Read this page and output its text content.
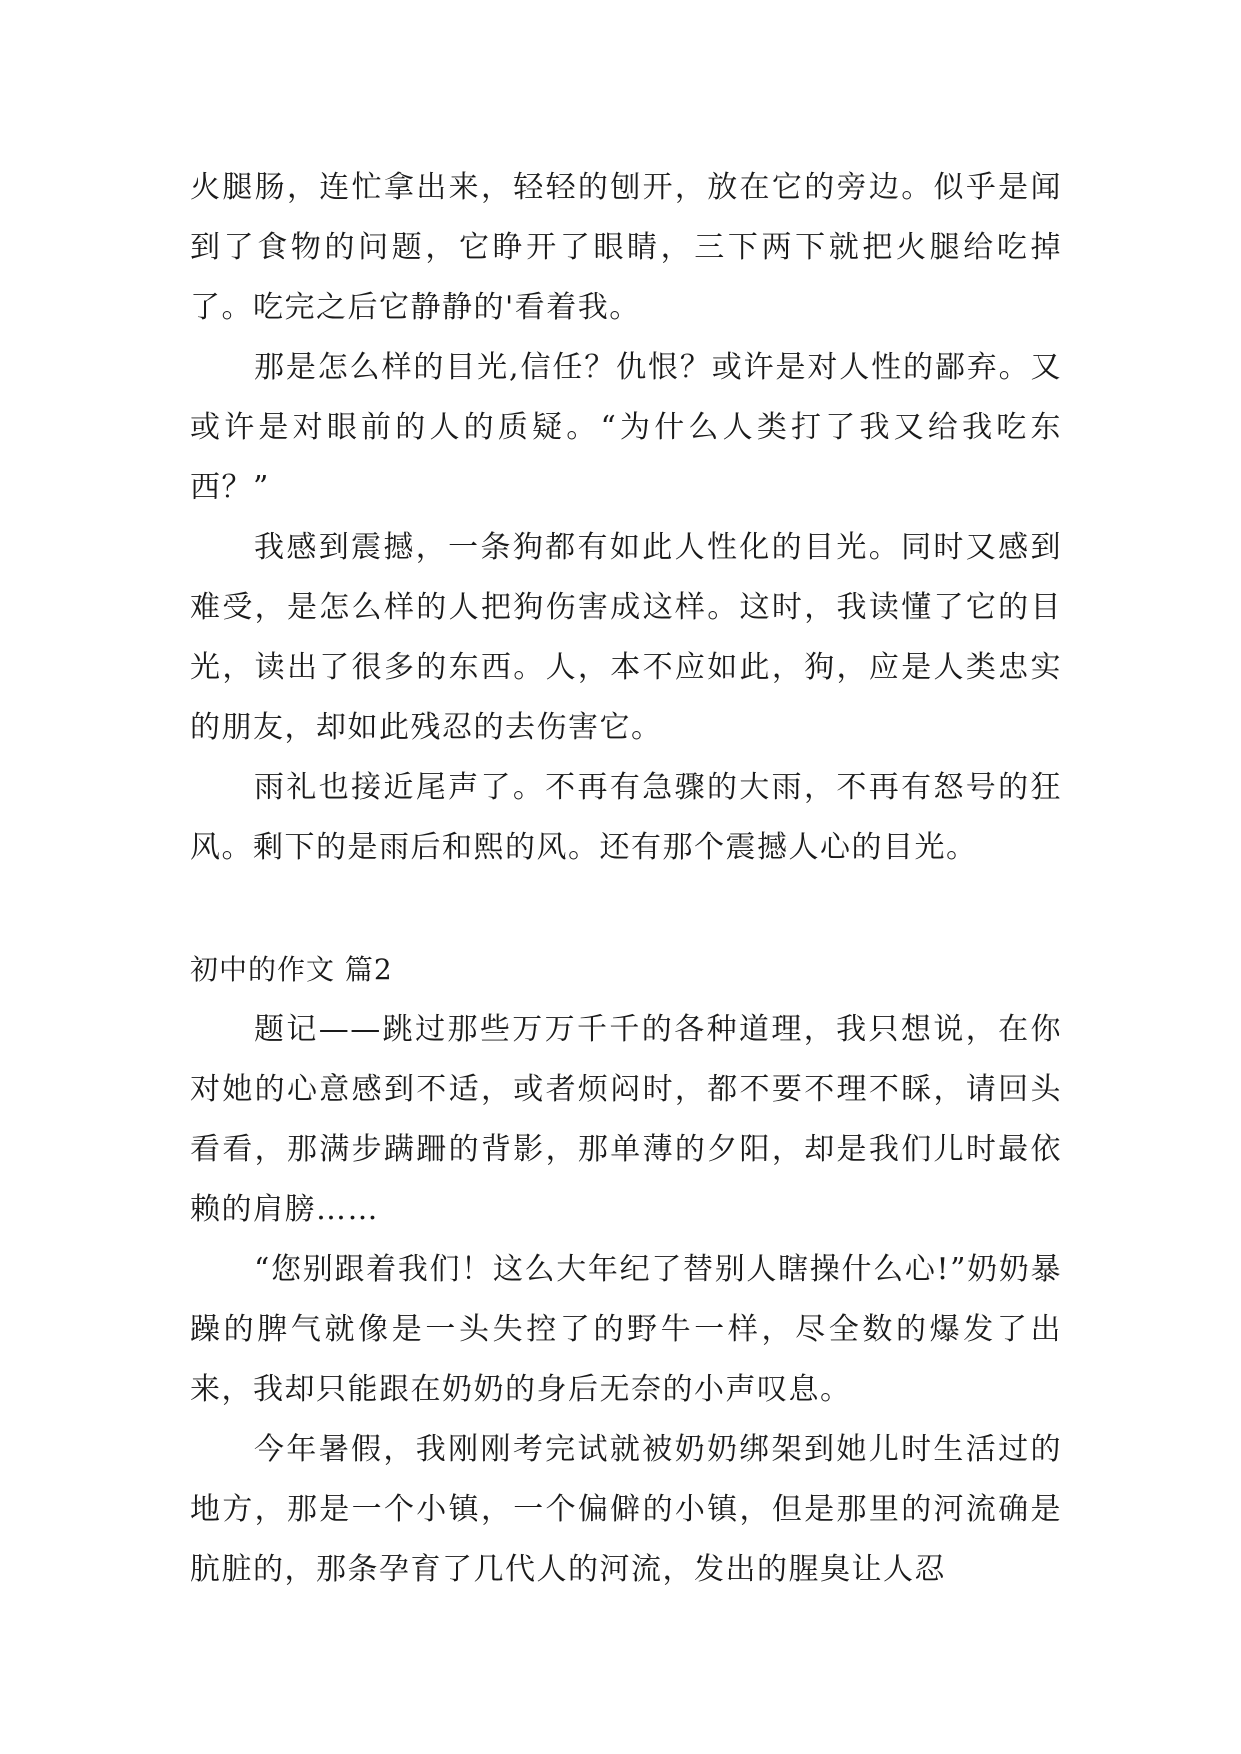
火腿肠，连忙拿出来，轻轻的刨开，放在它的旁边。似乎是闻到了食物的问题，它睁开了眼睛，三下两下就把火腿给吃掉了。吃完之后它静静的'看着我。

那是怎么样的目光,信任？仇恨？或许是对人性的鄙弃。又或许是对眼前的人的质疑。“为什么人类打了我又给我吃东西？”

我感到震撼，一条狗都有如此人性化的目光。同时又感到难受，是怎么样的人把狗伤害成这样。这时，我读懂了它的目光，读出了很多的东西。人，本不应如此，狗，应是人类忠实的朋友，却如此残忍的去伤害它。

雨礼也接近尾声了。不再有急骤的大雨，不再有怒号的狂风。剩下的是雨后和熙的风。还有那个震撼人心的目光。

初中的作文 篇2

题记——跳过那些万万千千的各种道理，我只想说，在你对她的心意感到不适，或者烦闷时，都不要不理不睬，请回头看看，那满步蹒跚的背影，那单薄的夕阳，却是我们儿时最依赖的肩膀……

“您别跟着我们！这么大年纪了替别人瞎操什么心!”奶奶暴躁的脾气就像是一头失控了的野牛一样，尽全数的爆发了出来，我却只能跟在奶奶的身后无奈的小声叹息。

今年暑假，我刚刚考完试就被奶奶绑架到她儿时生活过的地方，那是一个小镇，一个偏僻的小镇，但是那里的河流确是肮脏的，那条孕育了几代人的河流，发出的腥臭让人忍
